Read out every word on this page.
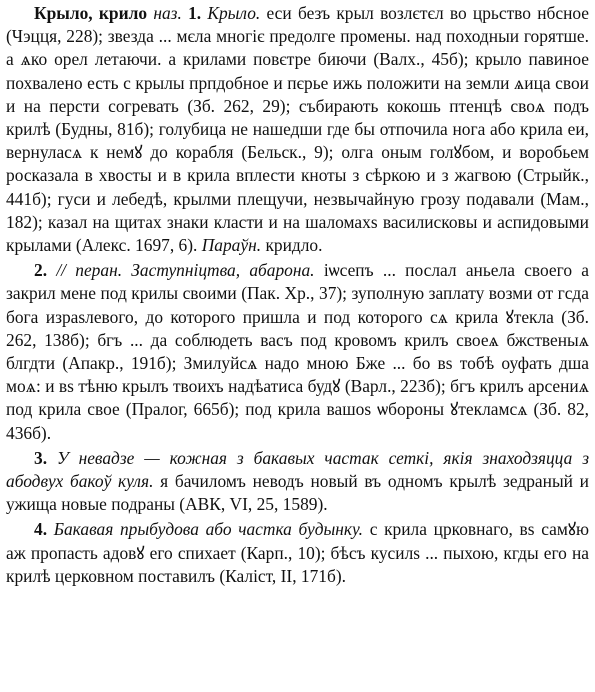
Крыло, крило наз. 1. Крыло. еси безъ крыл возлєтєл во црьство нбсное (Чэцця, 228); звезда ... мєла многіє предолге промены. над походныи горятше. а ѧко орел летаючи. а крилами повєтре биючи (Валх., 45б); крыло павиное похвалено есть с крылы прпдобное и пєрье ижь положити на земли ѧица свои и на персти согревать (Зб. 262, 29); събирають кокошь птенцѣ своѧ подъ крилѣ (Будны, 81б); голубица не нашедши где бы отпочила нога або крила еи, вернуласѧ к немꙋ до корабля (Бельск., 9); олга оным голꙋбом, и воробьем росказала в хвосты и в крила вплести кноты з сѣркою и з жагвою (Стрыйк., 441б); гуси и лебедѣ, крылми плещучи, незвычайную грозу подавали (Мам., 182); казал на щитах знаки класти и на шаломахѕ василисковы и аспидовыми крылами (Алекс. 1697, 6). Параўн. кридло.

2. // перан. Заступніцтва, абарона. іѡсепъ ... послал аньела своего а закрил мене под крилы своими (Пак. Хр., 37); зуполную заплату возми от гсда бога израѕлевого, до которого пришла и под которого сѧ крила ꙋтекла (Зб. 262, 138б); бгъ ... да соблюдеть васъ под кровомъ крилъ своеѧ бжственыѧ блгдти (Апакр., 191б); Змилуйсѧ надо мною Бже ... бо вѕ тобѣ оуфать дша моѧ: и вѕ тѣню крылъ твоихъ надѣатиса будꙋ (Варл., 223б); бгъ крилъ арсениѧ под крила свое (Пралог, 665б); под крила вашоѕ ѡбороны ꙋтекламсѧ (Зб. 82, 436б).

3. У невадзе — кожная з бакавых частак сеткі, якія знаходзяцца з абодвух бакоў куля. я бачиломъ неводъ новый въ одномъ крылѣ зедраный и ужища новые подраны (АВК, VI, 25, 1589).

4. Бакавая прыбудова або частка будынку. с крила црковнаго, вѕ самꙋю аж пропасть адовꙋ его спихает (Карп., 10); бѣсъ кусилѕ ... пыхою, кгды его на крилѣ церковном поставилъ (Каліст, II, 171б).
